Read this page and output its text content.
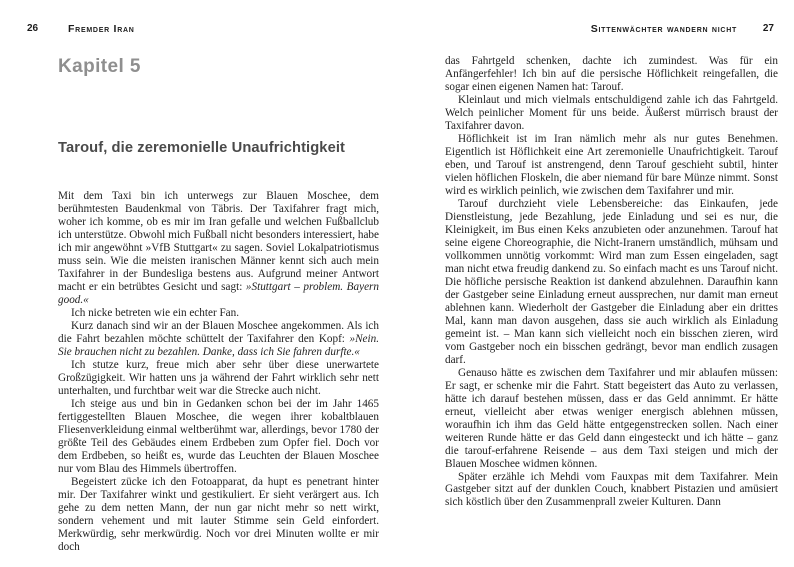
26	Fremder Iran
Kapitel 5
Tarouf, die zeremonielle Unaufrichtigkeit

Mit dem Taxi bin ich unterwegs zur Blauen Moschee, dem berühmtesten Baudenkmal von Täbris. Der Taxifahrer fragt mich, woher ich komme, ob es mir im Iran gefalle und welchen Fußballclub ich unterstütze. Obwohl mich Fußball nicht besonders interessiert, habe ich mir angewöhnt »VfB Stuttgart« zu sagen. Soviel Lokalpatriotismus muss sein. Wie die meisten iranischen Männer kennt sich auch mein Taxifahrer in der Bundesliga bestens aus. Aufgrund meiner Antwort macht er ein betrübtes Gesicht und sagt: »Stuttgart – problem. Bayern good.«

Ich nicke betreten wie ein echter Fan.

Kurz danach sind wir an der Blauen Moschee angekommen. Als ich die Fahrt bezahlen möchte schüttelt der Taxifahrer den Kopf: »Nein. Sie brauchen nicht zu bezahlen. Danke, dass ich Sie fahren durfte.«

Ich stutze kurz, freue mich aber sehr über diese unerwartete Großzügigkeit. Wir hatten uns ja während der Fahrt wirklich sehr nett unterhalten, und furchtbar weit war die Strecke auch nicht.

Ich steige aus und bin in Gedanken schon bei der im Jahr 1465 fertiggestellten Blauen Moschee, die wegen ihrer kobaltblauen Fliesenverkleidung einmal weltberühmt war, allerdings, bevor 1780 der größte Teil des Gebäudes einem Erdbeben zum Opfer fiel. Doch vor dem Erdbeben, so heißt es, wurde das Leuchten der Blauen Moschee nur vom Blau des Himmels übertroffen.

Begeistert zücke ich den Fotoapparat, da hupt es penetrant hinter mir. Der Taxifahrer winkt und gestikuliert. Er sieht verärgert aus. Ich gehe zu dem netten Mann, der nun gar nicht mehr so nett wirkt, sondern vehement und mit lauter Stimme sein Geld einfordert. Merkwürdig, sehr merkwürdig. Noch vor drei Minuten wollte er mir doch

Sittenwächter wandern nicht	27

das Fahrtgeld schenken, dachte ich zumindest. Was für ein Anfängerfehler! Ich bin auf die persische Höflichkeit reingefallen, die sogar einen eigenen Namen hat: Tarouf.

Kleinlaut und mich vielmals entschuldigend zahle ich das Fahrtgeld. Welch peinlicher Moment für uns beide. Äußerst mürrisch braust der Taxifahrer davon.

Höflichkeit ist im Iran nämlich mehr als nur gutes Benehmen. Eigentlich ist Höflichkeit eine Art zeremonielle Unaufrichtigkeit. Tarouf eben, und Tarouf ist anstrengend, denn Tarouf geschieht subtil, hinter vielen höflichen Floskeln, die aber niemand für bare Münze nimmt. Sonst wird es wirklich peinlich, wie zwischen dem Taxifahrer und mir.

Tarouf durchzieht viele Lebensbereiche: das Einkaufen, jede Dienstleistung, jede Bezahlung, jede Einladung und sei es nur, die Kleinigkeit, im Bus einen Keks anzubieten oder anzunehmen. Tarouf hat seine eigene Choreographie, die Nicht-Iranern umständlich, mühsam und vollkommen unnötig vorkommt: Wird man zum Essen eingeladen, sagt man nicht etwa freudig dankend zu. So einfach macht es uns Tarouf nicht. Die höfliche persische Reaktion ist dankend abzulehnen. Daraufhin kann der Gastgeber seine Einladung erneut aussprechen, nur damit man erneut ablehnen kann. Wiederholt der Gastgeber die Einladung aber ein drittes Mal, kann man davon ausgehen, dass sie auch wirklich als Einladung gemeint ist. – Man kann sich vielleicht noch ein bisschen zieren, wird vom Gastgeber noch ein bisschen gedrängt, bevor man endlich zusagen darf.

Genauso hätte es zwischen dem Taxifahrer und mir ablaufen müssen: Er sagt, er schenke mir die Fahrt. Statt begeistert das Auto zu verlassen, hätte ich darauf bestehen müssen, dass er das Geld annimmt. Er hätte erneut, vielleicht aber etwas weniger energisch ablehnen müssen, woraufhin ich ihm das Geld hätte entgegenstrecken sollen. Nach einer weiteren Runde hätte er das Geld dann eingesteckt und ich hätte – ganz die tarouf-erfahrene Reisende – aus dem Taxi steigen und mich der Blauen Moschee widmen können.

Später erzähle ich Mehdi vom Fauxpas mit dem Taxifahrer. Mein Gastgeber sitzt auf der dunklen Couch, knabbert Pistazien und amüsiert sich köstlich über den Zusammenprall zweier Kulturen. Dann
